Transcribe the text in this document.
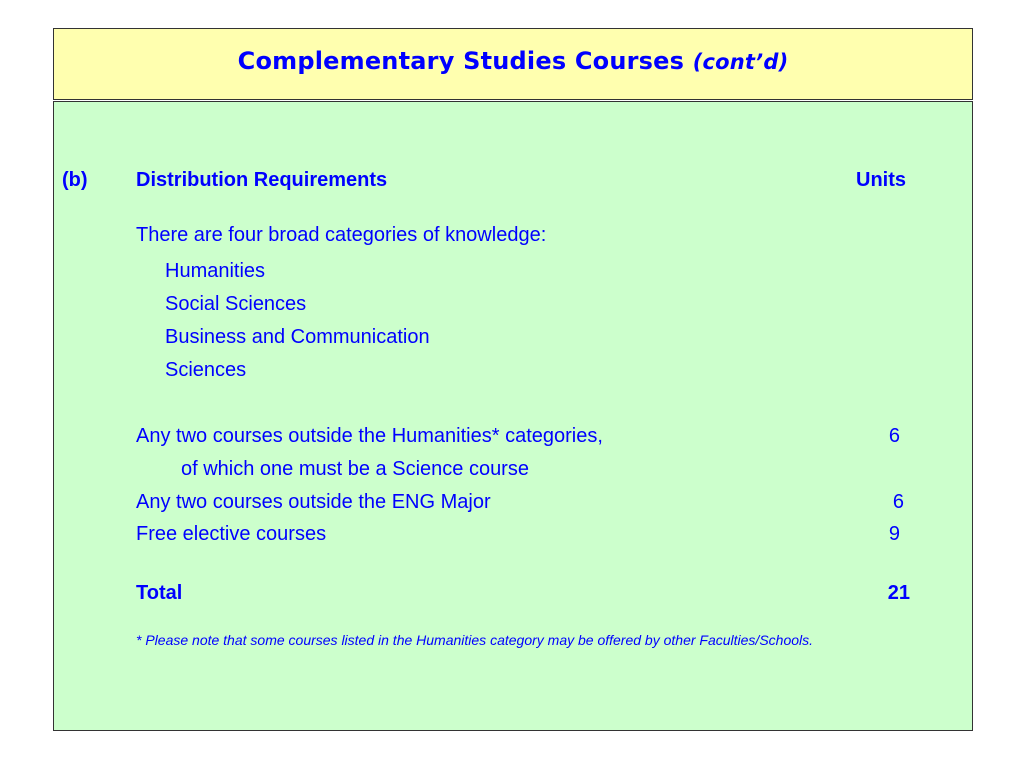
Complementary Studies Courses (cont’d)
(b) Distribution Requirements	Units
There are four broad categories of knowledge:
Humanities
Social Sciences
Business and Communication
Sciences
Any two courses outside the Humanities* categories,	6
of which one must be a Science course
Any two courses outside the ENG Major	6
Free elective courses	9
Total	21
* Please note that some courses listed in the Humanities category may be offered by other Faculties/Schools.
